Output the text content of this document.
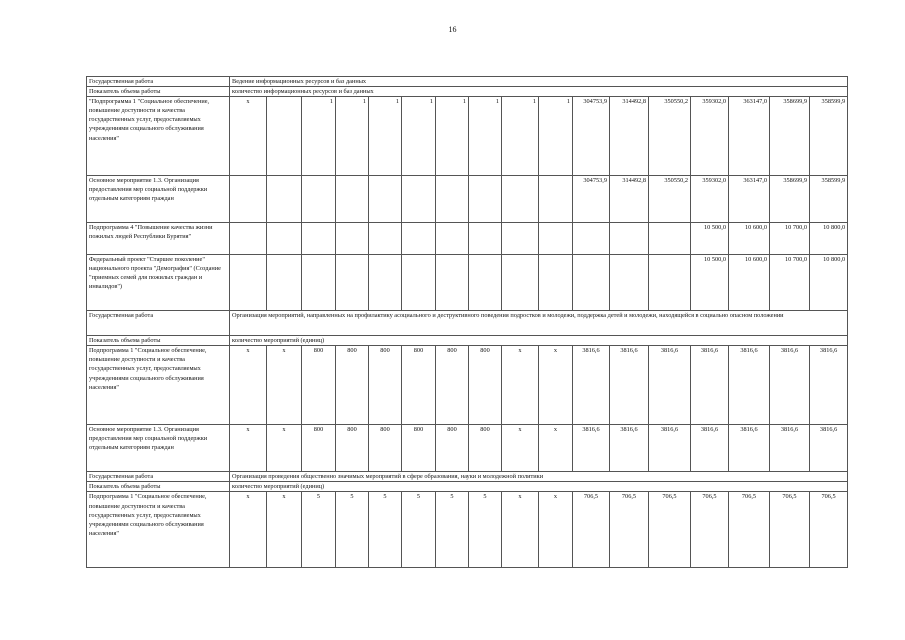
16
Государственная работа	Ведение информационных ресурсов и баз данных																
Показатель объема работы	количество информационных ресурсов и баз данных																
"Подпрограмма 1 "Социальное обеспечение, повышение доступности и качества государственных услуг, предоставляемых учреждениями социального обслуживания населения"	x		1	1	1	1	1	1	1	1	304753,9	314492,8	350550,2	359302,0	363147,0	358699,9	358599,9
Основное мероприятие 1.3. Организация предоставления мер социальной поддержки отдельным категориям граждан											304753,9	314492,8	350550,2	359302,0	363147,0	358699,9	358599,9
Подпрограмма 4 "Повышение качества жизни пожилых людей Республики Бурятия"														10 500,0	10 600,0	10 700,0	10 800,0
Федеральный проект "Старшее поколение" национального проекта "Демография" (Создание "приемных семей для пожилых граждан и инвалидов")														10 500,0	10 600,0	10 700,0	10 800,0
Государственная работа	Организация мероприятий, направленных на профилактику асоциального и деструктивного поведения подростков и молодежи, поддержка детей и молодежи, находящейся в социально опасном положении																
Показатель объема работы	количество мероприятий (единиц)																
Подпрограмма 1 "Социальное обеспечение, повышение доступности и качества государственных услуг, предоставляемых учреждениями социального обслуживания населения"	x	x	800	800	800	800	800	800	x	x	3816,6	3816,6	3816,6	3816,6	3816,6	3816,6	3816,6
Основное мероприятие 1.3. Организация предоставления мер социальной поддержки отдельным категориям граждан	x	x	800	800	800	800	800	800	x	x	3816,6	3816,6	3816,6	3816,6	3816,6	3816,6	3816,6
Государственная работа	Организация проведения общественно значимых мероприятий в сфере образования, науки и молодежной политики																
Показатель объема работы	количество мероприятий (единиц)																
Подпрограмма 1 "Социальное обеспечение, повышение доступности и качества государственных услуг, предоставляемых учреждениями социального обслуживания населения"	x	x	5	5	5	5	5	5	x	x	706,5	706,5	706,5	706,5	706,5	706,5	706,5
